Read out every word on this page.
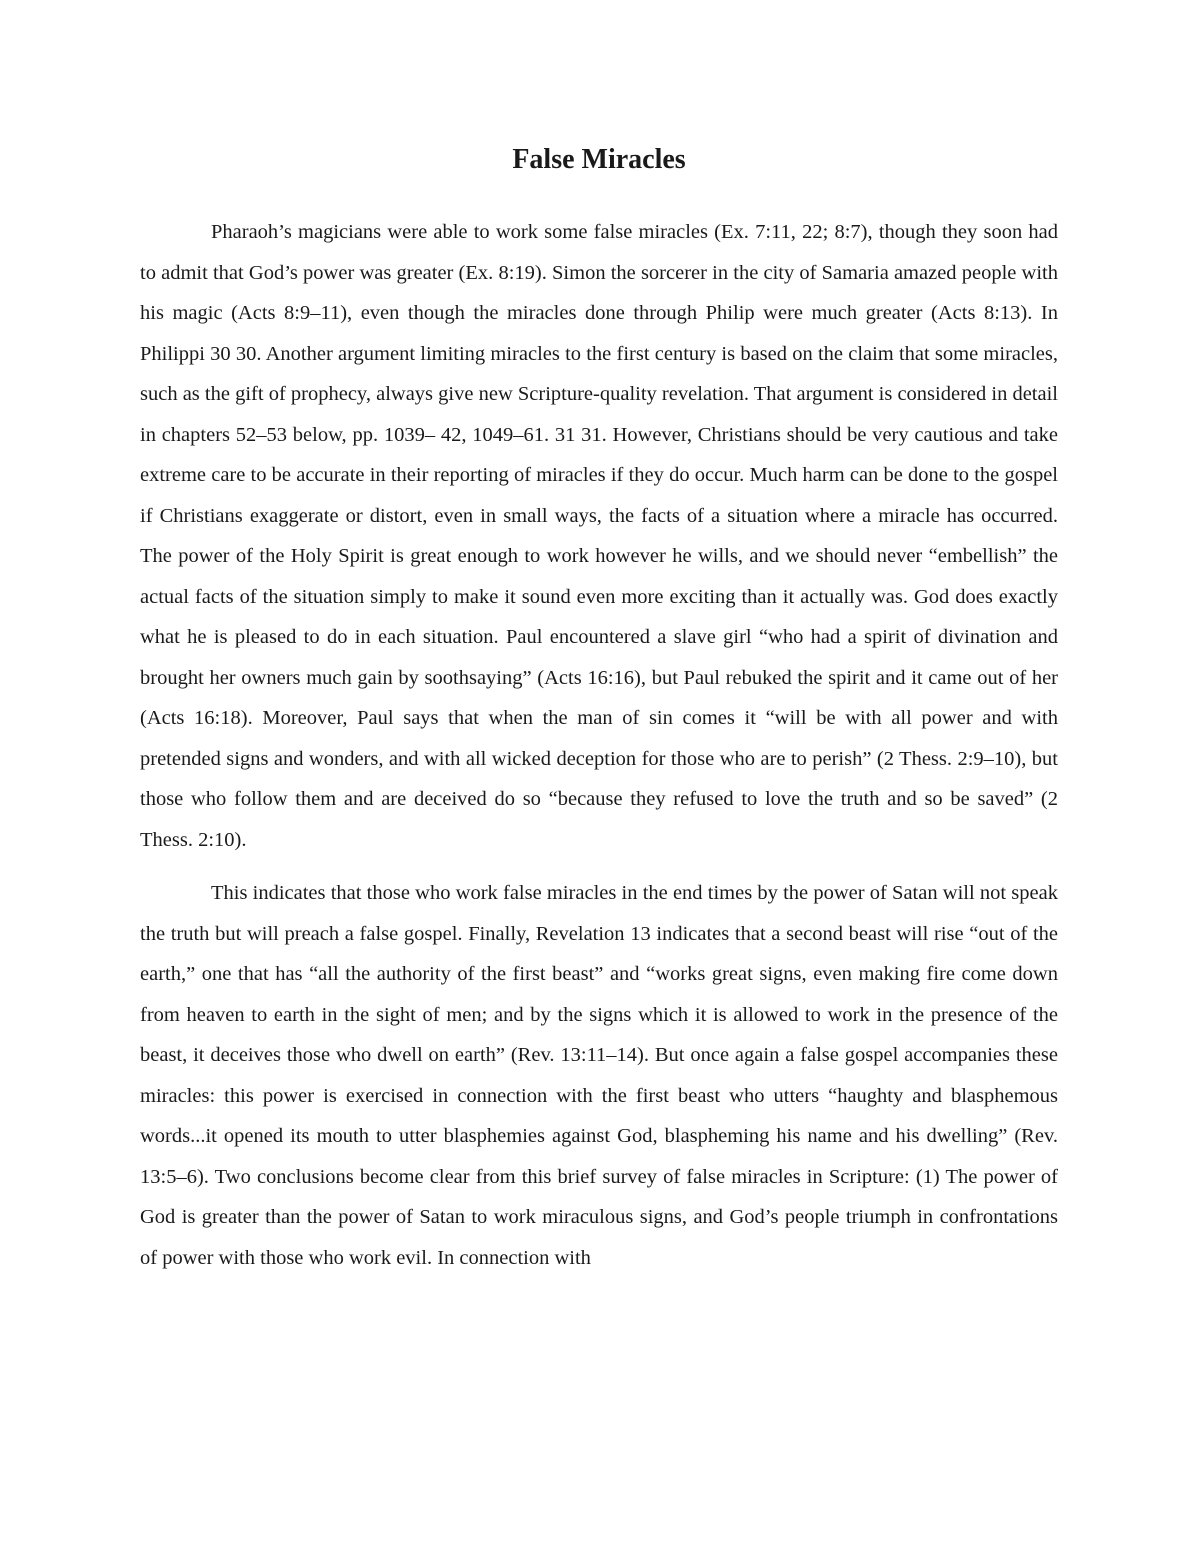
False Miracles

Pharaoh’s magicians were able to work some false miracles (Ex. 7:11, 22; 8:7), though they soon had to admit that God’s power was greater (Ex. 8:19). Simon the sorcerer in the city of Samaria amazed people with his magic (Acts 8:9–11), even though the miracles done through Philip were much greater (Acts 8:13). In Philippi 30 30. Another argument limiting miracles to the first century is based on the claim that some miracles, such as the gift of prophecy, always give new Scripture-quality revelation. That argument is considered in detail in chapters 52–53 below, pp. 1039– 42, 1049–61. 31 31. However, Christians should be very cautious and take extreme care to be accurate in their reporting of miracles if they do occur. Much harm can be done to the gospel if Christians exaggerate or distort, even in small ways, the facts of a situation where a miracle has occurred. The power of the Holy Spirit is great enough to work however he wills, and we should never “embellish” the actual facts of the situation simply to make it sound even more exciting than it actually was. God does exactly what he is pleased to do in each situation. Paul encountered a slave girl “who had a spirit of divination and brought her owners much gain by soothsaying” (Acts 16:16), but Paul rebuked the spirit and it came out of her (Acts 16:18). Moreover, Paul says that when the man of sin comes it “will be with all power and with pretended signs and wonders, and with all wicked deception for those who are to perish” (2 Thess. 2:9–10), but those who follow them and are deceived do so “because they refused to love the truth and so be saved” (2 Thess. 2:10).

This indicates that those who work false miracles in the end times by the power of Satan will not speak the truth but will preach a false gospel. Finally, Revelation 13 indicates that a second beast will rise “out of the earth,” one that has “all the authority of the first beast” and “works great signs, even making fire come down from heaven to earth in the sight of men; and by the signs which it is allowed to work in the presence of the beast, it deceives those who dwell on earth” (Rev. 13:11–14). But once again a false gospel accompanies these miracles: this power is exercised in connection with the first beast who utters “haughty and blasphemous words...it opened its mouth to utter blasphemies against God, blaspheming his name and his dwelling” (Rev. 13:5–6). Two conclusions become clear from this brief survey of false miracles in Scripture: (1) The power of God is greater than the power of Satan to work miraculous signs, and God’s people triumph in confrontations of power with those who work evil. In connection with
